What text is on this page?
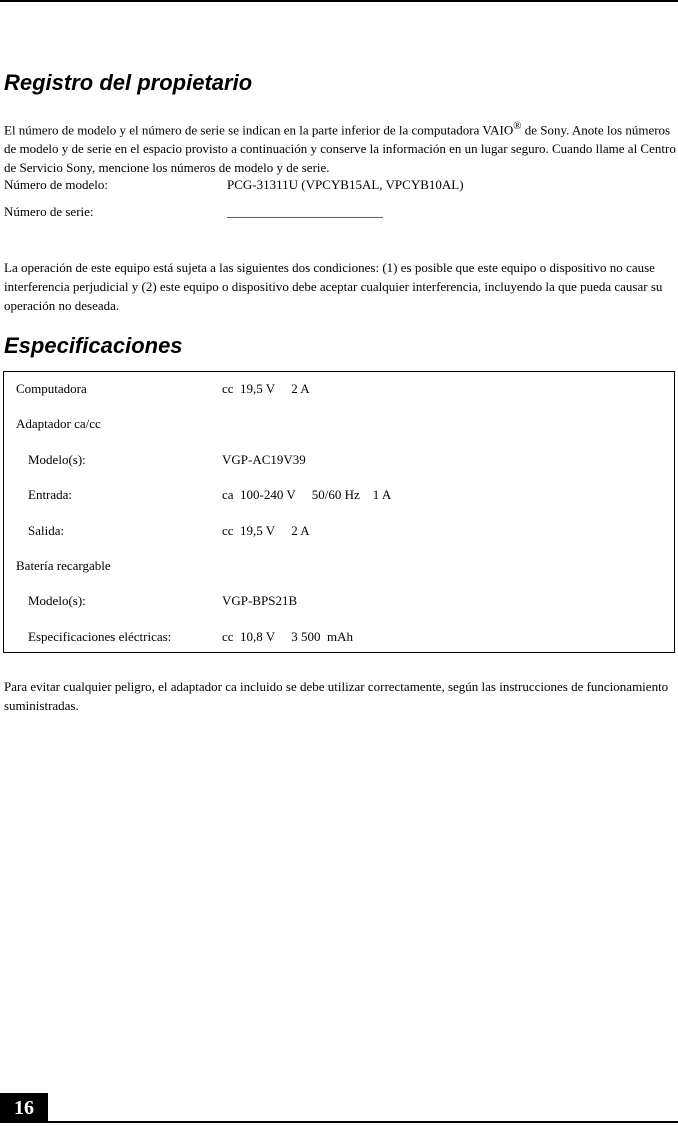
Registro del propietario

El número de modelo y el número de serie se indican en la parte inferior de la computadora VAIO® de Sony. Anote los números de modelo y de serie en el espacio provisto a continuación y conserve la información en un lugar seguro. Cuando llame al Centro de Servicio Sony, mencione los números de modelo y de serie.

Número de modelo:	PCG-31311U (VPCYB15AL, VPCYB10AL)
Número de serie:	________________________

La operación de este equipo está sujeta a las siguientes dos condiciones: (1) es posible que este equipo o dispositivo no cause interferencia perjudicial y (2) este equipo o dispositivo debe aceptar cualquier interferencia, incluyendo la que pueda causar su operación no deseada.

Especificaciones
Computadora	cc  19,5 V     2 A
Adaptador ca/cc
Modelo(s):	VGP-AC19V39
Entrada:	ca  100-240 V     50/60 Hz    1 A
Salida:	cc  19,5 V     2 A
Batería recargable
Modelo(s):	VGP-BPS21B
Especificaciones eléctricas:	cc  10,8 V     3 500  mAh

Para evitar cualquier peligro, el adaptador ca incluido se debe utilizar correctamente, según las instrucciones de funcionamiento suministradas.

16
